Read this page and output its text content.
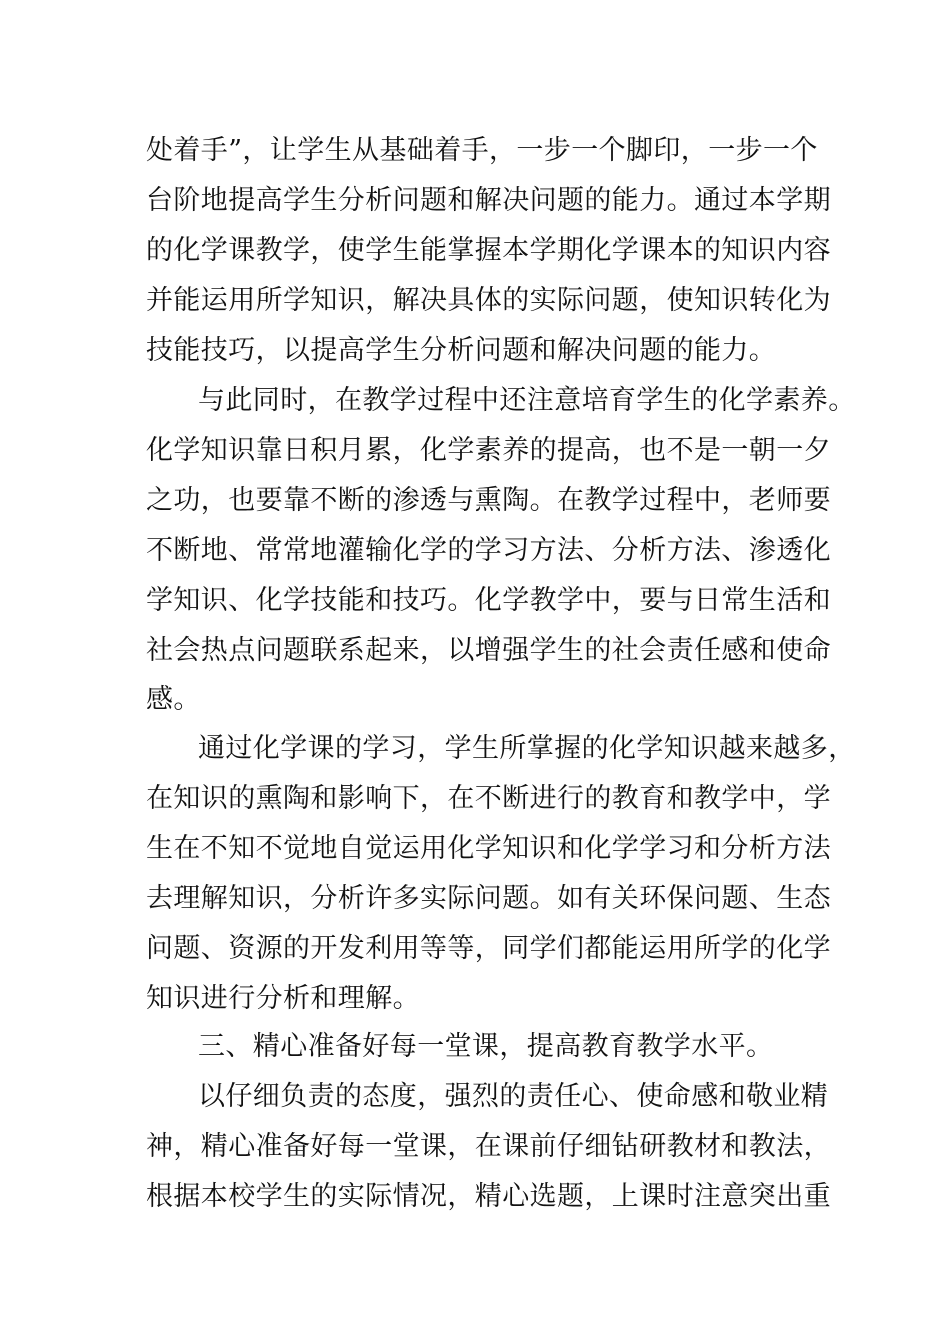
处着手”，让学生从基础着手，一步一个脚印，一步一个
台阶地提高学生分析问题和解决问题的能力。通过本学期
的化学课教学，使学生能掌握本学期化学课本的知识内容
并能运用所学知识，解决具体的实际问题，使知识转化为
技能技巧，以提高学生分析问题和解决问题的能力。
与此同时，在教学过程中还注意培育学生的化学素养。
化学知识靠日积月累，化学素养的提高，也不是一朝一夕
之功，也要靠不断的渗透与熏陶。在教学过程中，老师要
不断地、常常地灌输化学的学习方法、分析方法、渗透化
学知识、化学技能和技巧。化学教学中，要与日常生活和
社会热点问题联系起来，以增强学生的社会责任感和使命
感。
通过化学课的学习，学生所掌握的化学知识越来越多，
在知识的熏陶和影响下，在不断进行的教育和教学中，学
生在不知不觉地自觉运用化学知识和化学学习和分析方法
去理解知识，分析许多实际问题。如有关环保问题、生态
问题、资源的开发利用等等，同学们都能运用所学的化学
知识进行分析和理解。
三、精心准备好每一堂课，提高教育教学水平。
以仔细负责的态度，强烈的责任心、使命感和敬业精
神，精心准备好每一堂课，在课前仔细钻研教材和教法，
根据本校学生的实际情况，精心选题，上课时注意突出重
